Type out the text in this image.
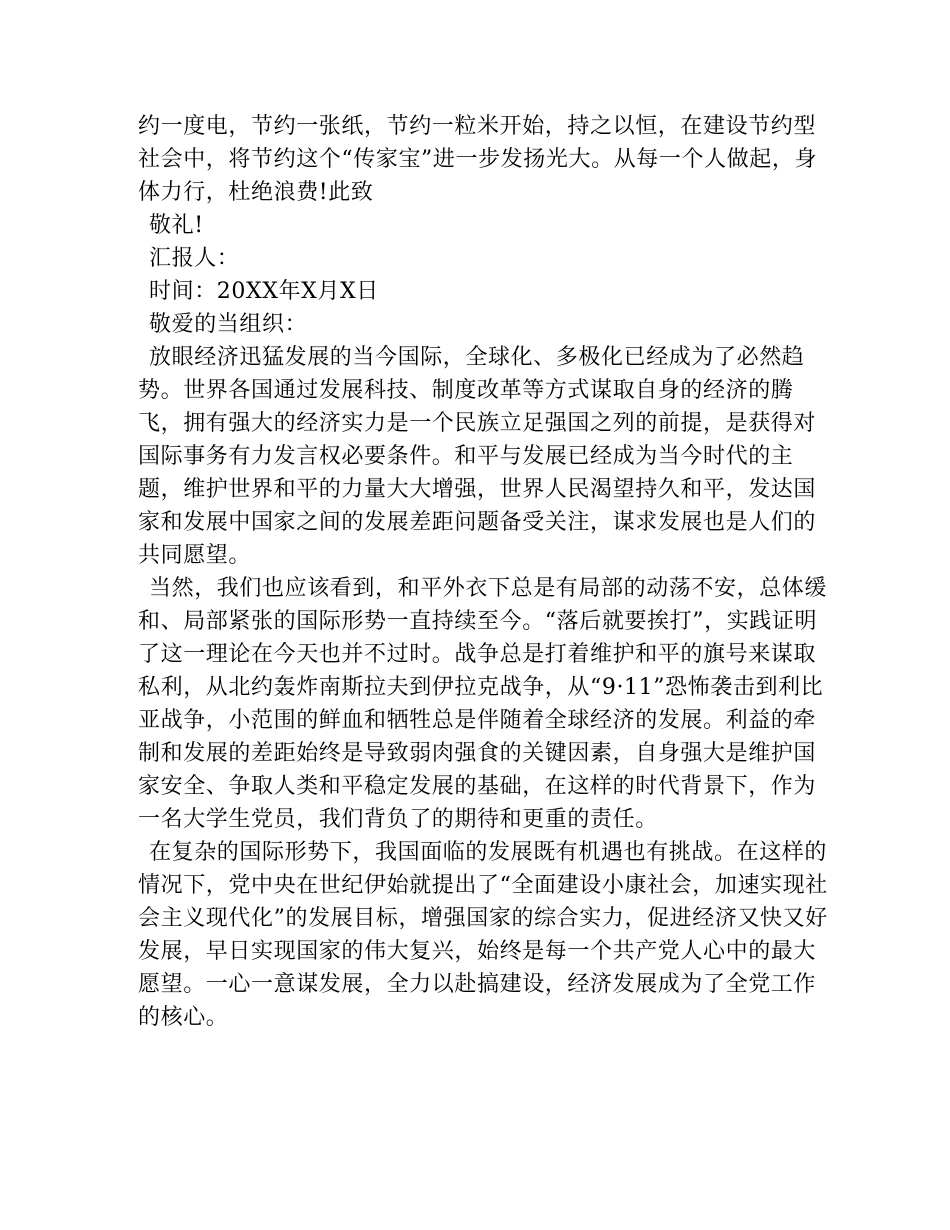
约一度电，节约一张纸，节约一粒米开始，持之以恒，在建设节约型社会中，将节约这个“传家宝”进一步发扬光大。从每一个人做起，身体力行，杜绝浪费!此致

敬礼!

汇报人：

时间：20XX年X月X日

敬爱的当组织：

放眼经济迅猛发展的当今国际，全球化、多极化已经成为了必然趋势。世界各国通过发展科技、制度改革等方式谋取自身的经济的腾飞，拥有强大的经济实力是一个民族立足强国之列的前提，是获得对国际事务有力发言权必要条件。和平与发展已经成为当今时代的主题，维护世界和平的力量大大增强，世界人民渴望持久和平，发达国家和发展中国家之间的发展差距问题备受关注，谋求发展也是人们的共同愿望。

当然，我们也应该看到，和平外衣下总是有局部的动荡不安，总体缓和、局部紧张的国际形势一直持续至今。“落后就要挨打”，实践证明了这一理论在今天也并不过时。战争总是打着维护和平的旗号来谋取私利，从北约轰炸南斯拉夫到伊拉克战争，从“9·11”恐怖袭击到利比亚战争，小范围的鲜血和牺牲总是伴随着全球经济的发展。利益的牵制和发展的差距始终是导致弱肉强食的关键因素，自身强大是维护国家安全、争取人类和平稳定发展的基础，在这样的时代背景下，作为一名大学生党员，我们背负了的期待和更重的责任。

在复杂的国际形势下，我国面临的发展既有机遇也有挑战。在这样的情况下，党中央在世纪伊始就提出了“全面建设小康社会，加速实现社会主义现代化”的发展目标，增强国家的综合实力，促进经济又快又好发展，早日实现国家的伟大复兴，始终是每一个共产党人心中的最大愿望。一心一意谋发展，全力以赴搞建设，经济发展成为了全党工作的核心。
